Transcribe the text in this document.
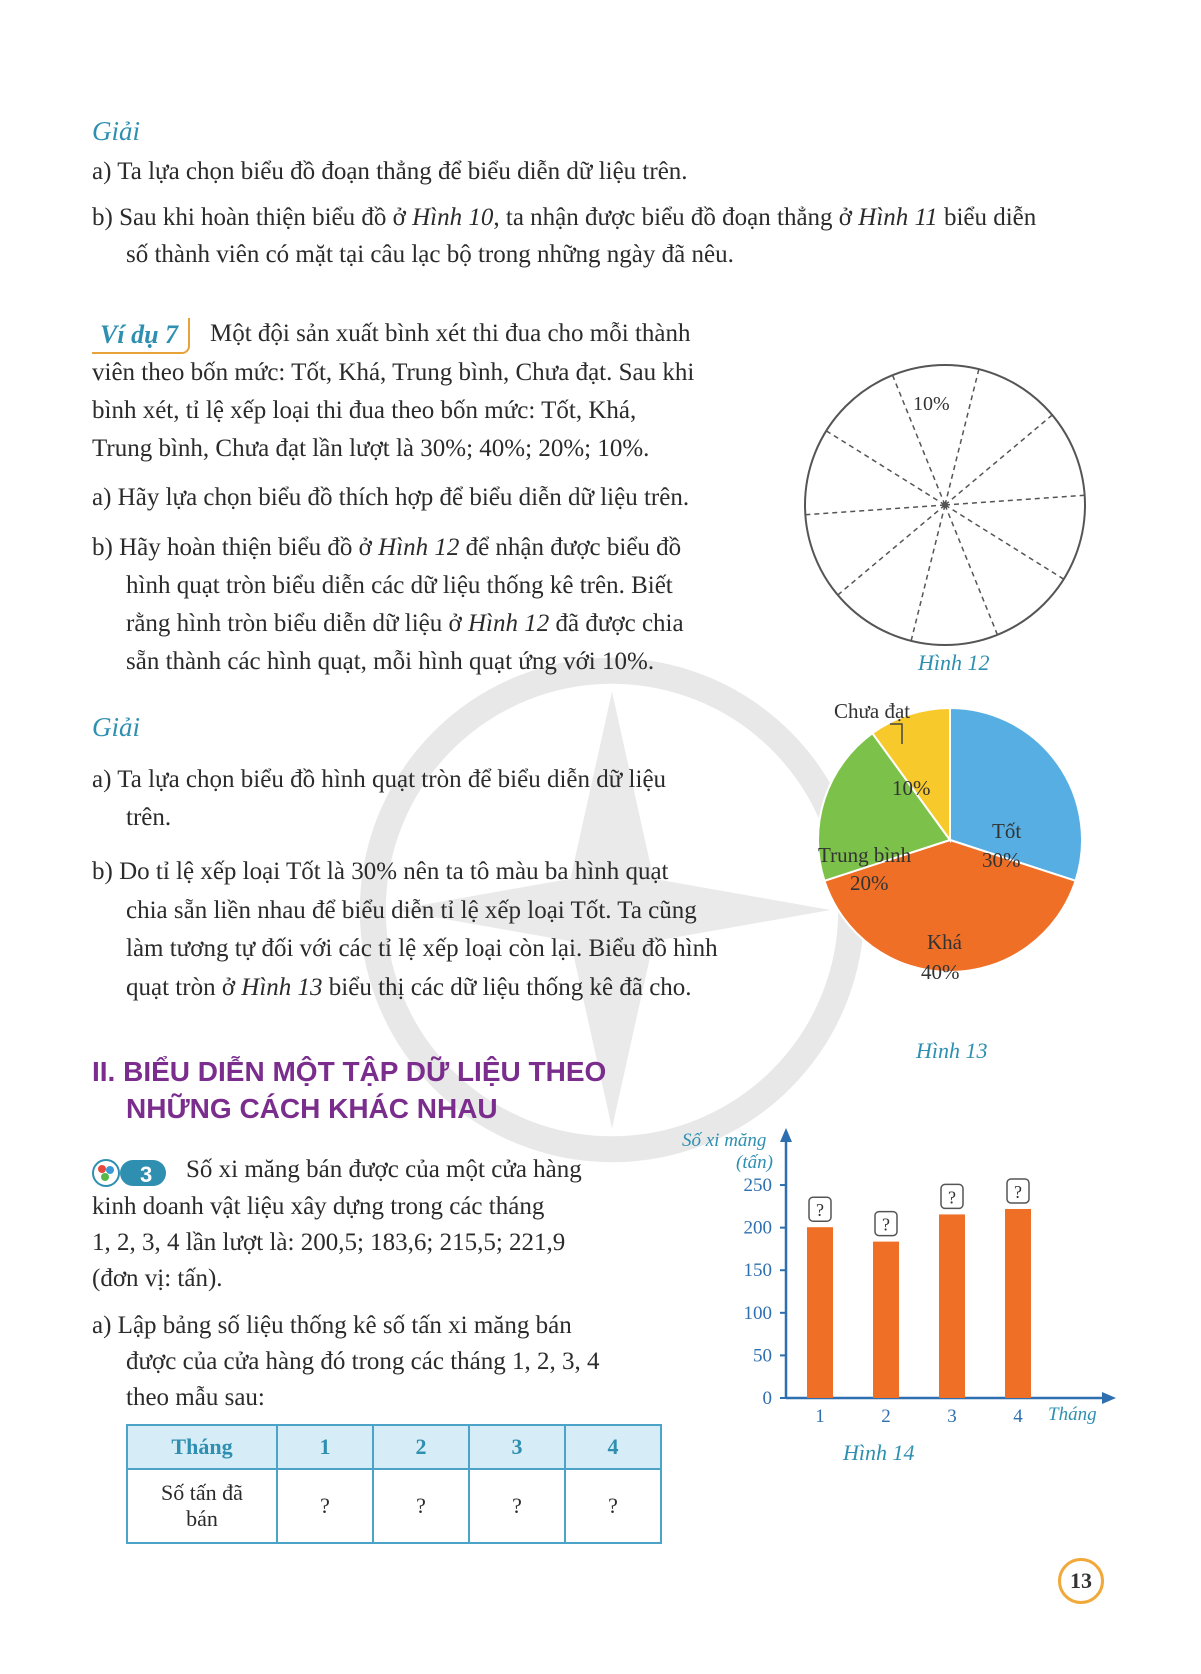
Giải
a) Ta lựa chọn biểu đồ đoạn thẳng để biểu diễn dữ liệu trên.
b) Sau khi hoàn thiện biểu đồ ở Hình 10, ta nhận được biểu đồ đoạn thẳng ở Hình 11 biểu diễn
số thành viên có mặt tại câu lạc bộ trong những ngày đã nêu.
Ví dụ 7	Một đội sản xuất bình xét thi đua cho mỗi thành
viên theo bốn mức: Tốt, Khá, Trung bình, Chưa đạt. Sau khi
bình xét, tỉ lệ xếp loại thi đua theo bốn mức: Tốt, Khá,
Trung bình, Chưa đạt lần lượt là 30%; 40%; 20%; 10%.
a) Hãy lựa chọn biểu đồ thích hợp để biểu diễn dữ liệu trên.
b) Hãy hoàn thiện biểu đồ ở Hình 12 để nhận được biểu đồ
hình quạt tròn biểu diễn các dữ liệu thống kê trên. Biết
rằng hình tròn biểu diễn dữ liệu ở Hình 12 đã được chia
sẵn thành các hình quạt, mỗi hình quạt ứng với 10%.
10%
Hình 12
Giải
a) Ta lựa chọn biểu đồ hình quạt tròn để biểu diễn dữ liệu
trên.
b) Do tỉ lệ xếp loại Tốt là 30% nên ta tô màu ba hình quạt
chia sẵn liền nhau để biểu diễn tỉ lệ xếp loại Tốt. Ta cũng
làm tương tự đối với các tỉ lệ xếp loại còn lại. Biểu đồ hình
quạt tròn ở Hình 13 biểu thị các dữ liệu thống kê đã cho.
Chưa đạt
10%
Tốt
30%
Trung bình
20%
Khá
40%
Hình 13
II. BIỂU DIỄN MỘT TẬP DỮ LIỆU THEO
NHỮNG CÁCH KHÁC NHAU
3 Số xi măng bán được của một cửa hàng
kinh doanh vật liệu xây dựng trong các tháng
1, 2, 3, 4 lần lượt là: 200,5; 183,6; 215,5; 221,9
(đơn vị: tấn).
a) Lập bảng số liệu thống kê số tấn xi măng bán
được của cửa hàng đó trong các tháng 1, 2, 3, 4
theo mẫu sau:
Tháng	1	2	3	4
Số tấn đã
bán	?	?	?	?
Số xi măng
(tấn)
Tháng
0
50
100
150
200
250
?
1
?
2
?
3
?
4
Hình 14
13
